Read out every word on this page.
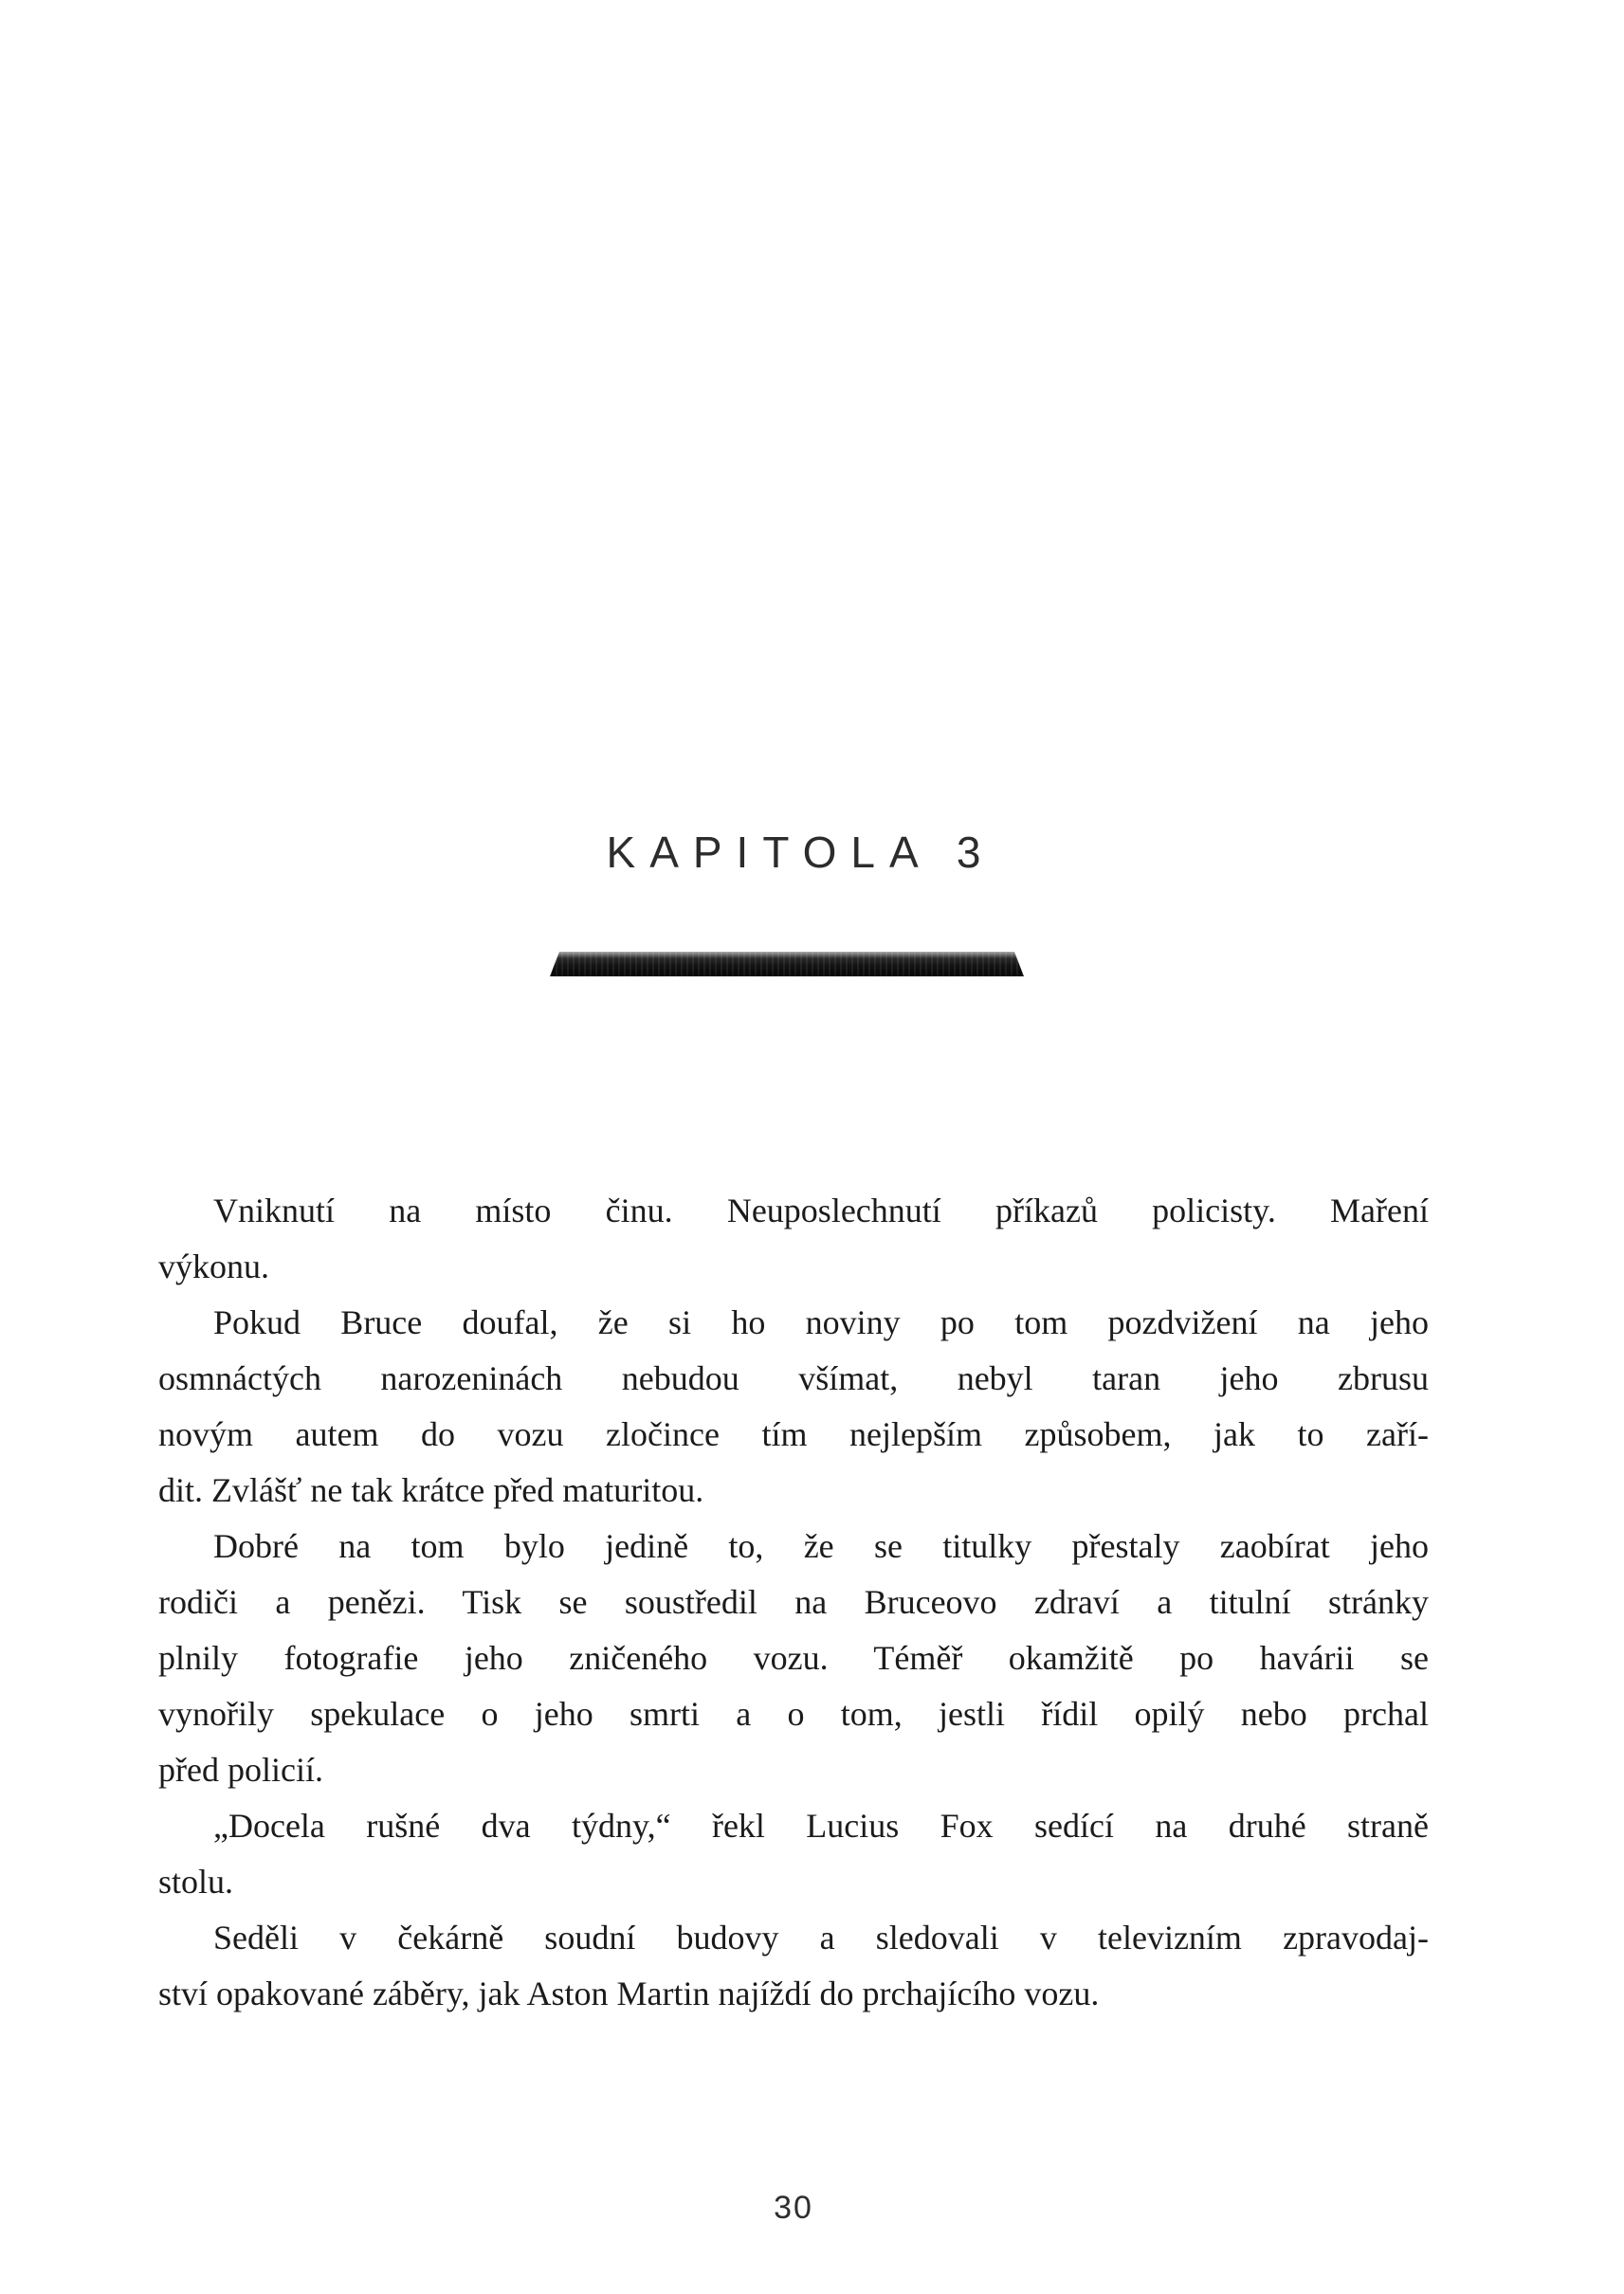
KAPITOLA 3
Vniknutí na místo činu. Neuposlechnutí příkazů policisty. Maření
výkonu.
Pokud Bruce doufal, že si ho noviny po tom pozdvižení na jeho
osmnáctých narozeninách nebudou všímat, nebyl taran jeho zbrusu
novým autem do vozu zločince tím nejlepším způsobem, jak to zaří-
dit. Zvlášť ne tak krátce před maturitou.
Dobré na tom bylo jedině to, že se titulky přestaly zaobírat jeho
rodiči a penězi. Tisk se soustředil na Bruceovo zdraví a titulní stránky
plnily fotografie jeho zničeného vozu. Téměř okamžitě po havárii se
vynořily spekulace o jeho smrti a o tom, jestli řídil opilý nebo prchal
před policií.
„Docela rušné dva týdny,“ řekl Lucius Fox sedící na druhé straně
stolu.
Seděli v čekárně soudní budovy a sledovali v televizním zpravodaj-
ství opakované záběry, jak Aston Martin najíždí do prchajícího vozu.
30
